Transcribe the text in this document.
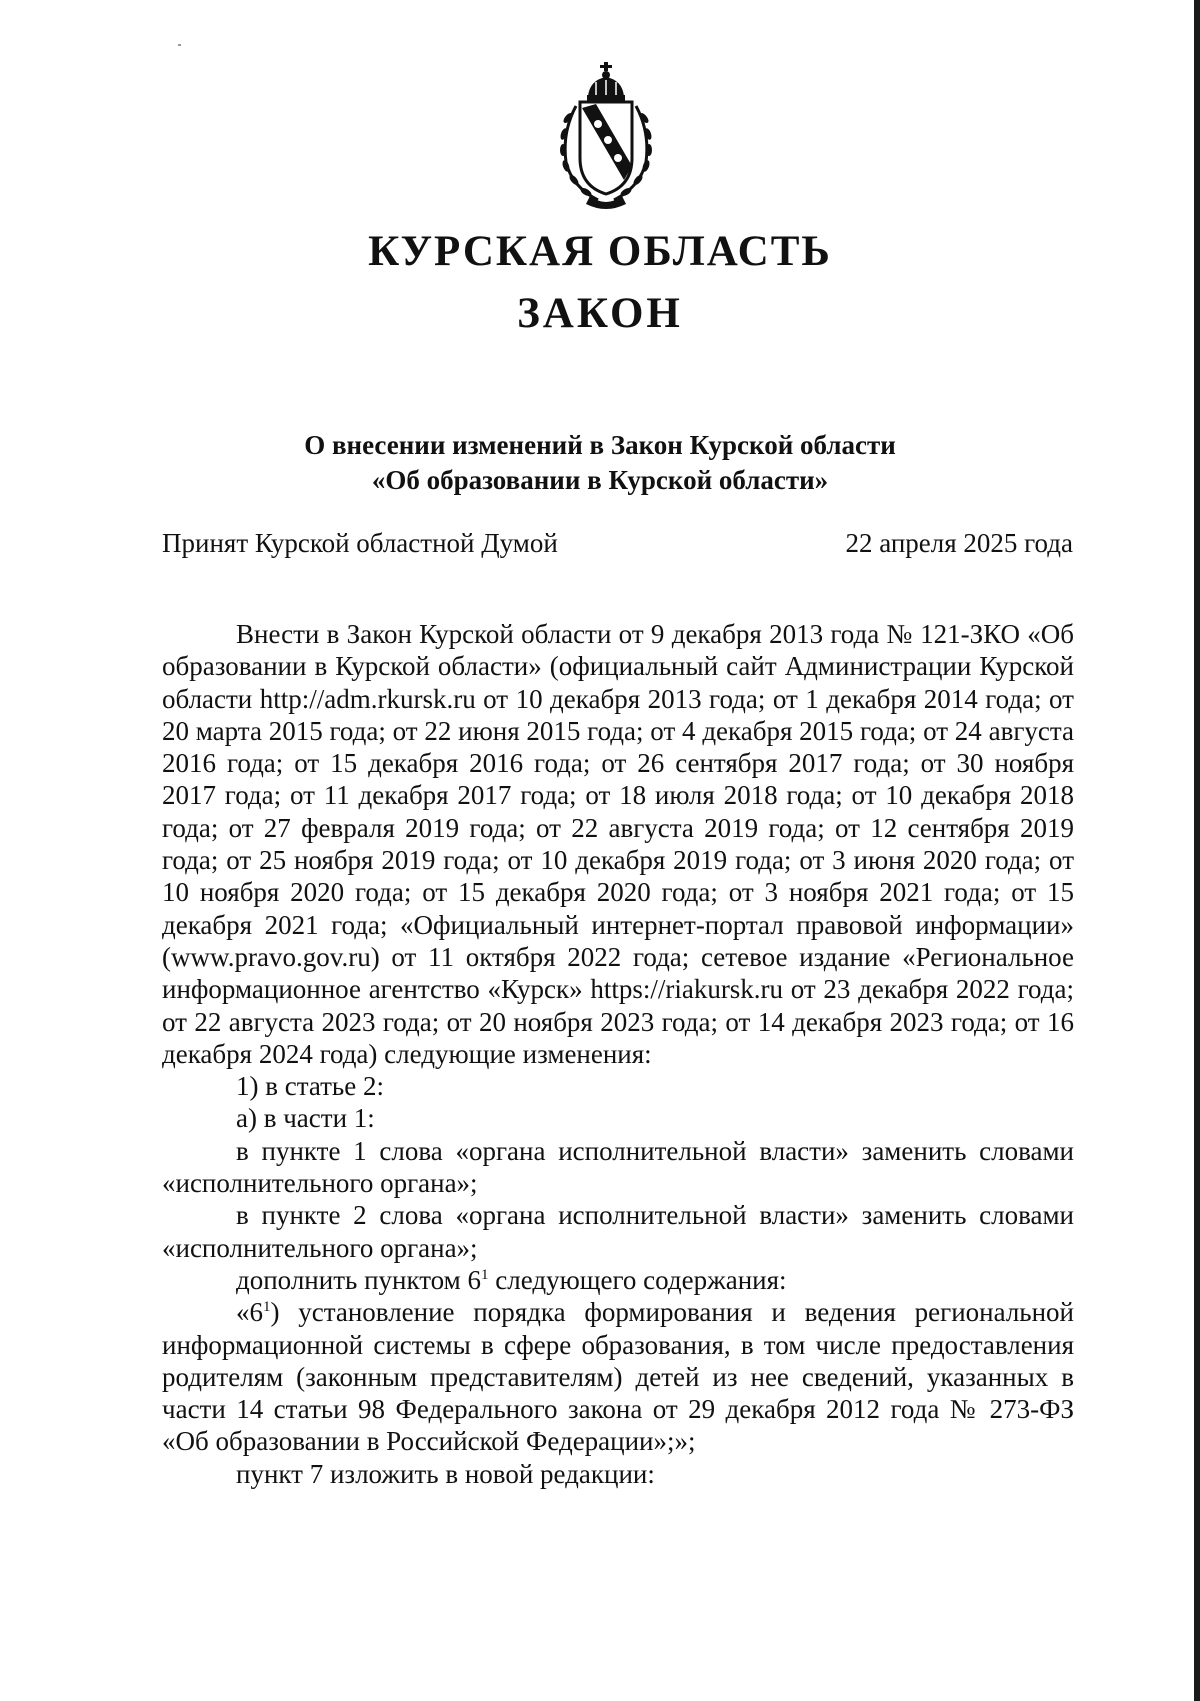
КУРСКАЯ ОБЛАСТЬ
ЗАКОН
О внесении изменений в Закон Курской области
«Об образовании в Курской области»
Принят Курской областной Думой	22 апреля 2025 года

Внести в Закон Курской области от 9 декабря 2013 года № 121-ЗКО «Об образовании в Курской области» (официальный сайт Администрации Курской области http://adm.rkursk.ru от 10 декабря 2013 года; от 1 декабря 2014 года; от 20 марта 2015 года; от 22 июня 2015 года; от 4 декабря 2015 года; от 24 августа 2016 года; от 15 декабря 2016 года; от 26 сентября 2017 года; от 30 ноября 2017 года; от 11 декабря 2017 года; от 18 июля 2018 года; от 10 декабря 2018 года; от 27 февраля 2019 года; от 22 августа 2019 года; от 12 сентября 2019 года; от 25 ноября 2019 года; от 10 декабря 2019 года; от 3 июня 2020 года; от 10 ноября 2020 года; от 15 декабря 2020 года; от 3 ноября 2021 года; от 15 декабря 2021 года; «Официальный интернет-портал правовой информации» (www.pravo.gov.ru) от 11 октября 2022 года; сетевое издание «Региональное информационное агентство «Курск» https://riakursk.ru от 23 декабря 2022 года; от 22 августа 2023 года; от 20 ноября 2023 года; от 14 декабря 2023 года; от 16 декабря 2024 года) следующие изменения:

1) в статье 2:

а) в части 1:

в пункте 1 слова «органа исполнительной власти» заменить словами «исполнительного органа»;

в пункте 2 слова «органа исполнительной власти» заменить словами «исполнительного органа»;

дополнить пунктом $6^1$ следующего содержания:

«$6^1$) установление порядка формирования и ведения региональной информационной системы в сфере образования, в том числе предоставления родителям (законным представителям) детей из нее сведений, указанных в части 14 статьи 98 Федерального закона от 29 декабря 2012 года № 273-ФЗ «Об образовании в Российской Федерации»;»;

пункт 7 изложить в новой редакции:
